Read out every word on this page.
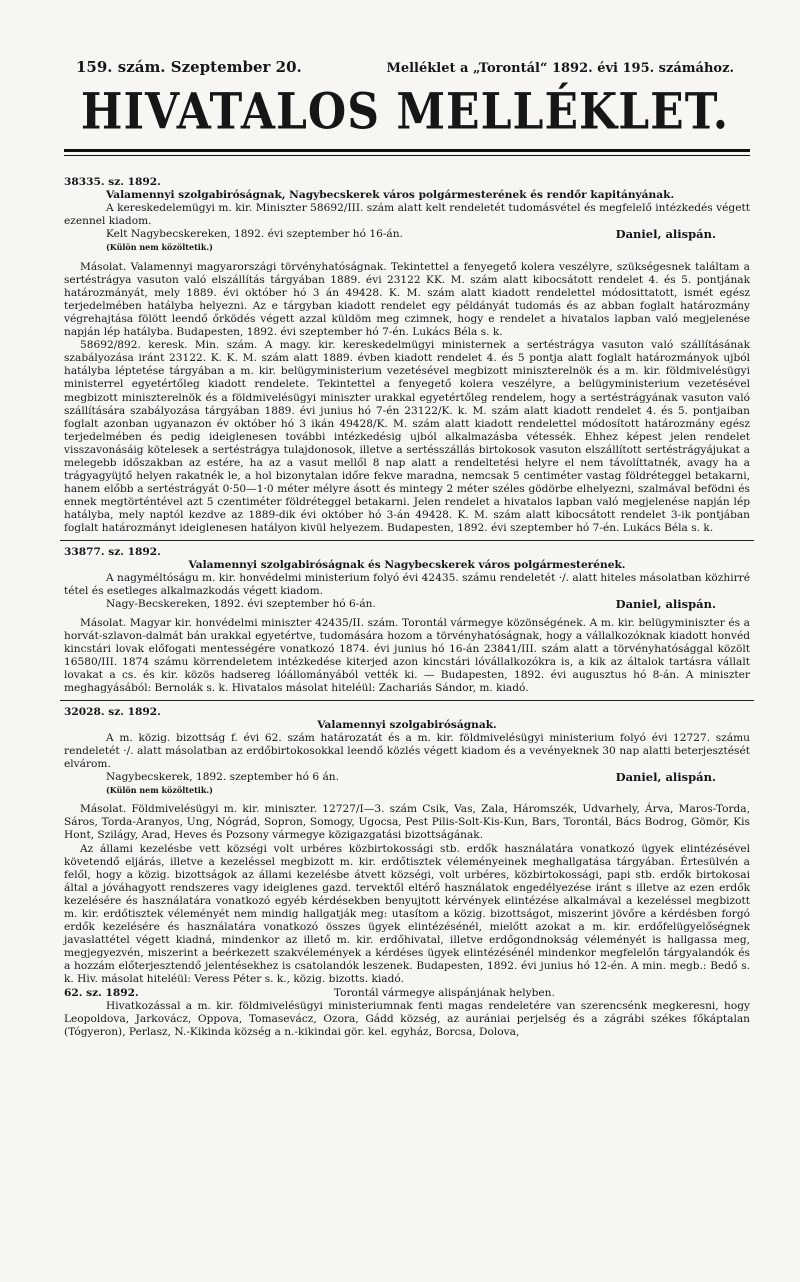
159. szám. Szeptember 20.	Melléklet a „Torontál“ 1892. évi 195. számához.
HIVATALOS MELLÉKLET.

38335. sz. 1892.

Valamennyi szolgabiróságnak, Nagybecskerek város polgármesterének és rendőr kapitányának.

A kereskedelemügyi m. kir. Miniszter 58692/III. szám alatt kelt rendeletét tudomásvétel és megfelelő intézkedés végett ezennel kiadom.

Kelt Nagybecskereken, 1892. évi szeptember hó 16-án.	Daniel, alispán.

(Külön nem közöltetik.)

Másolat. Valamennyi magyarországi törvényhatóságnak. Tekintettel a fenyegető kolera veszélyre, szükségesnek találtam a sertéstrágya vasuton való elszállítás tárgyában 1889. évi 23122 KK. M. szám alatt kibocsátott rendelet 4. és 5. pontjának határozmányát, mely 1889. évi október hó 3 án 49428. K. M. szám alatt kiadott rendelettel módosittatott, ismét egész terjedelmében hatályba helyezni. Az e tárgyban kiadott rendelet egy példányát tudomás és az abban foglalt határozmány végrehajtása fölött leendő őrködés végett azzal küldöm meg czimnek, hogy e rendelet a hivatalos lapban való megjelenése napján lép hatályba. Budapesten, 1892. évi szeptember hó 7-én. Lukács Béla s. k.

58692/892. keresk. Min. szám. A magy. kir. kereskedelmügyi ministernek a sertéstrágya vasuton való szállításának szabályozása iránt 23122. K. K. M. szám alatt 1889. évben kiadott rendelet 4. és 5 pontja alatt foglalt határozmányok ujból hatályba léptetése tárgyában a m. kir. belügyministerium vezetésével megbizott miniszterelnök és a m. kir. földmivelésügyi ministerrel egyetértőleg kiadott rendelete. Tekintettel a fenyegető kolera veszélyre, a belügyministerium vezetésével megbizott miniszterelnök és a földmivelésügyi miniszter urakkal egyetértőleg rendelem, hogy a sertéstrágyának vasuton való szállítására szabályozása tárgyában 1889. évi junius hó 7-én 23122/K. k. M. szám alatt kiadott rendelet 4. és 5. pontjaiban foglalt azonban ugyanazon év október hó 3 ikán 49428/K. M. szám alatt kiadott rendelettel módosított határozmány egész terjedelmében és pedig ideiglenesen további intézkedésig ujból alkalmazásba vétessék. Ehhez képest jelen rendelet visszavonásáig kötelesek a sertéstrágya tulajdonosok, illetve a sertésszállás birtokosok vasuton elszállított sertéstrágyájukat a melegebb időszakban az estére, ha az a vasut mellől 8 nap alatt a rendeltetési helyre el nem távolíttatnék, avagy ha a trágyagyüjtő helyen rakatnék le, a hol bizonytalan időre fekve maradna, nemcsak 5 centiméter vastag földréteggel betakarni, hanem előbb a sertéstrágyát 0·50—1·0 méter mélyre ásott és mintegy 2 méter széles gödörbe elhelyezni, szalmával befödni és ennek megtörténtével azt 5 czentiméter földréteggel betakarni. Jelen rendelet a hivatalos lapban való megjelenése napján lép hatályba, mely naptól kezdve az 1889-dik évi október hó 3-án 49428. K. M. szám alatt kibocsátott rendelet 3-ik pontjában foglalt határozmányt ideiglenesen hatályon kivül helyezem. Budapesten, 1892. évi szeptember hó 7-én. Lukács Béla s. k.

33877. sz. 1892.

Valamennyi szolgabiróságnak és Nagybecskerek város polgármesterének.

A nagyméltóságu m. kir. honvédelmi ministerium folyó évi 42435. számu rendeletét ·/. alatt hiteles másolatban közhirré tétel és esetleges alkalmazkodás végett kiadom.

Nagy-Becskereken, 1892. évi szeptember hó 6-án.	Daniel, alispán.

Másolat. Magyar kir. honvédelmi miniszter 42435/II. szám. Torontál vármegye közönségének. A m. kir. belügyminiszter és a horvát-szlavon-dalmát bán urakkal egyetértve, tudomására hozom a törvényhatóságnak, hogy a vállalkozóknak kiadott honvéd kincstári lovak előfogati mentességére vonatkozó 1874. évi junius hó 16-án 23841/III. szám alatt a törvényhatósággal közölt 16580/III. 1874 számu körrendeletem intézkedése kiterjed azon kincstári lóvállalkozókra is, a kik az általok tartásra vállalt lovakat a cs. és kir. közös hadsereg lóállományából vették ki. — Budapesten, 1892. évi augusztus hó 8-án. A miniszter meghagyásából: Bernolák s. k. Hivatalos másolat hiteléül: Zachariás Sándor, m. kiadó.

32028. sz. 1892.

Valamennyi szolgabiróságnak.

A m. közig. bizottság f. évi 62. szám határozatát és a m. kir. földmivelésügyi ministerium folyó évi 12727. számu rendeletét ·/. alatt másolatban az erdőbirtokosokkal leendő közlés végett kiadom és a vevényeknek 30 nap alatti beterjesztését elvárom.

Nagybecskerek, 1892. szeptember hó 6 án.	Daniel, alispán.

(Külön nem közöltetik.)

Másolat. Földmivelésügyi m. kir. miniszter. 12727/I—3. szám Csik, Vas, Zala, Háromszék, Udvarhely, Árva, Maros-Torda, Sáros, Torda-Aranyos, Ung, Nógrád, Sopron, Somogy, Ugocsa, Pest Pilis-Solt-Kis-Kun, Bars, Torontál, Bács Bodrog, Gömör, Kis Hont, Szilágy, Arad, Heves és Pozsony vármegye közigazgatási bizottságának.

Az állami kezelésbe vett községi volt urbéres közbirtokossági stb. erdők használatára vonatkozó ügyek elintézésével követendő eljárás, illetve a kezeléssel megbizott m. kir. erdőtisztek véleményeinek meghallgatása tárgyában. Értesülvén a felől, hogy a közig. bizottságok az állami kezelésbe átvett községi, volt urbéres, közbirtokossági, papi stb. erdők birtokosai által a jóváhagyott rendszeres vagy ideiglenes gazd. tervektől eltérő használatok engedélyezése iránt s illetve az ezen erdők kezelésére és használatára vonatkozó egyéb kérdésekben benyujtott kérvények elintézése alkalmával a kezeléssel megbizott m. kir. erdőtisztek véleményét nem mindig hallgatják meg: utasítom a közig. bizottságot, miszerint jövőre a kérdésben forgó erdők kezelésére és használatára vonatkozó összes ügyek elintézésénél, mielőtt azokat a m. kir. erdőfelügyelőségnek javaslattétel végett kiadná, mindenkor az illető m. kir. erdőhivatal, illetve erdőgondnokság véleményét is hallgassa meg, megjegyezvén, miszerint a beérkezett szakvélemények a kérdéses ügyek elintézésénél mindenkor megfelelőn tárgyalandók és a hozzám előterjesztendő jelentésekhez is csatolandók leszenek. Budapesten, 1892. évi junius hó 12-én. A min. megb.: Bedő s. k. Hiv. másolat hiteléül: Veress Péter s. k., közig. bizotts. kiadó.

62. sz. 1892.	Torontál vármegye alispánjának helyben.

Hivatkozással a m. kir. földmivelésügyi ministeriumnak fenti magas rendeletére van szerencsénk megkeresni, hogy Leopoldova, Jarkovácz, Oppova, Tomasevácz, Ozora, Gádd község, az aurániai perjelség és a zágrábi székes főkáptalan (Tógyeron), Perlasz, N.-Kikinda község a n.-kikindai gör. kel. egyház, Borcsa, Dolova,
